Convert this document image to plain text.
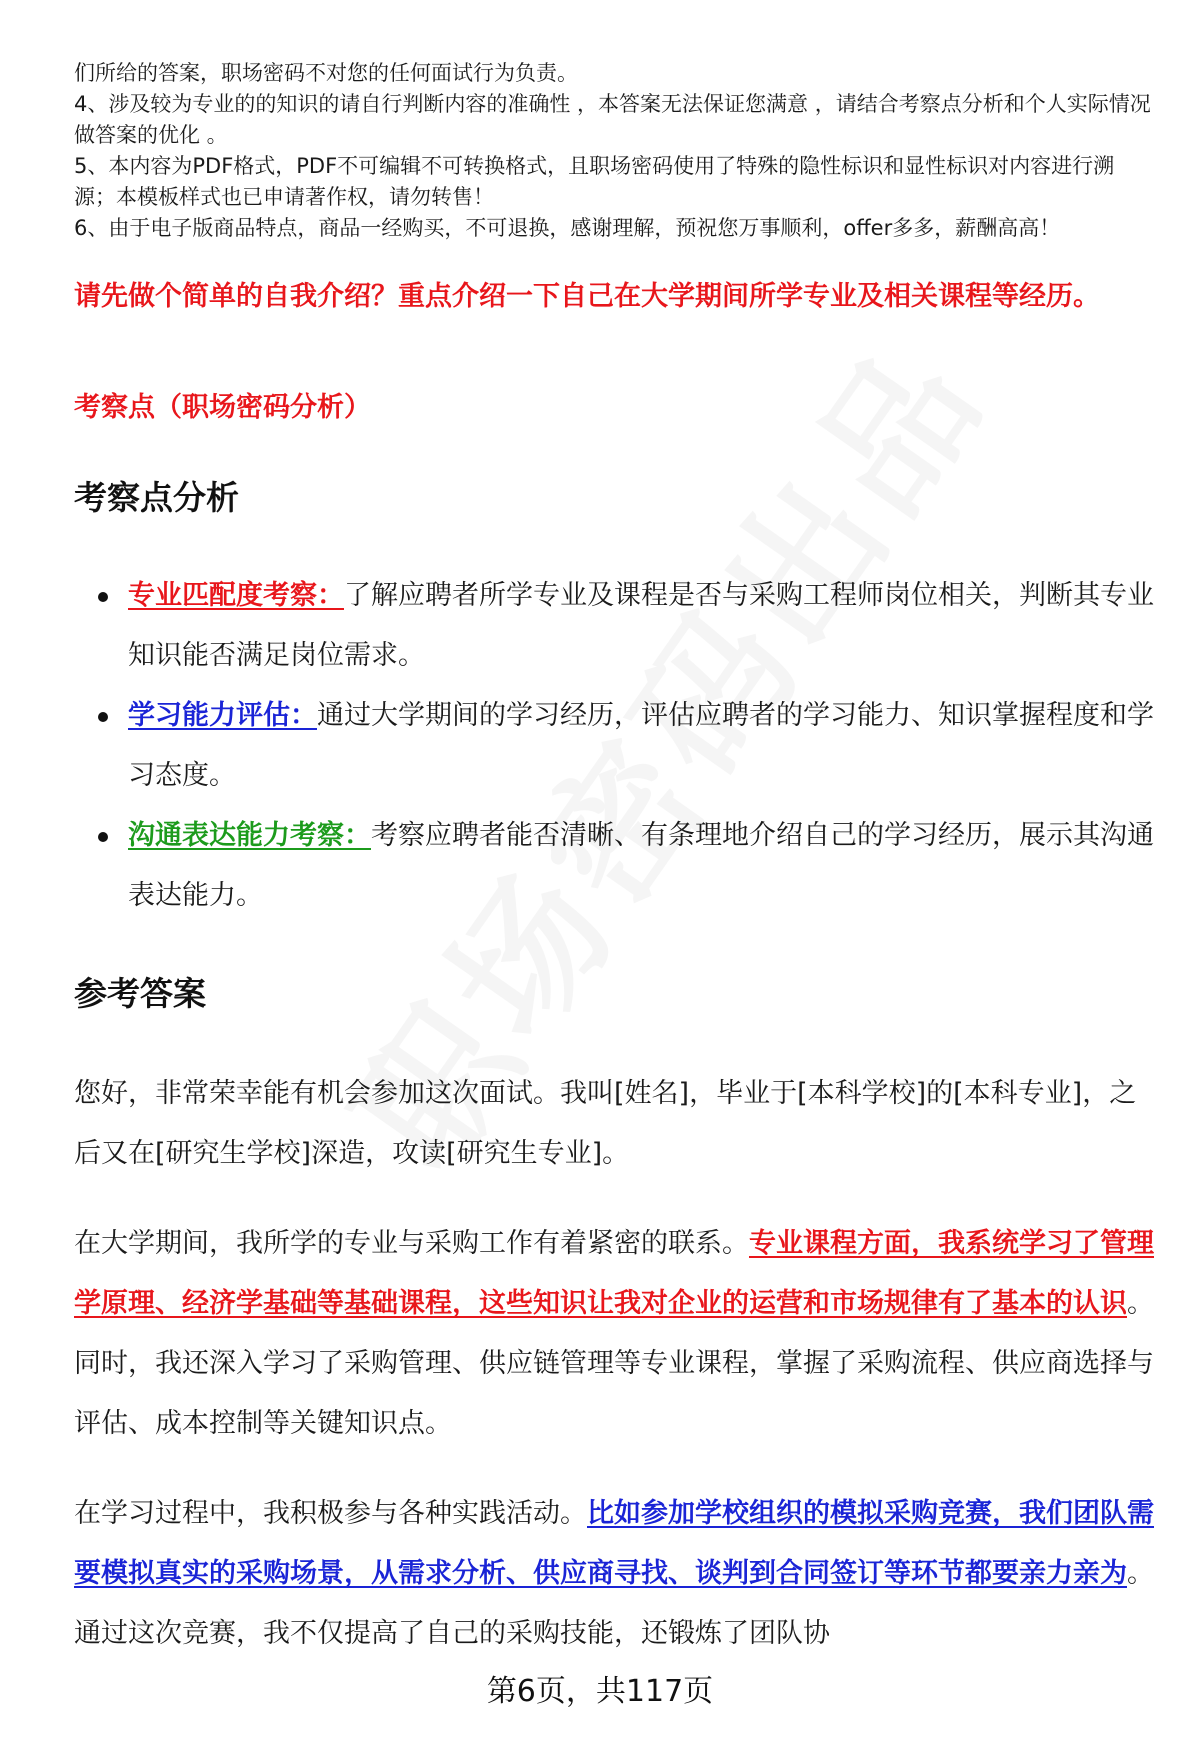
们所给的答案，职场密码不对您的任何面试行为负责。

4、涉及较为专业的的知识的请自行判断内容的准确性 ，本答案无法保证您满意 ，请结合考察点分析和个人实际情况做答案的优化 。

5、本内容为PDF格式，PDF不可编辑不可转换格式，且职场密码使用了特殊的隐性标识和显性标识对内容进行溯源；本模板样式也已申请著作权，请勿转售！

6、由于电子版商品特点，商品一经购买，不可退换，感谢理解，预祝您万事顺利，offer多多，薪酬高高！

请先做个简单的自我介绍？重点介绍一下自己在大学期间所学专业及相关课程等经历。
考察点（职场密码分析）
考察点分析
专业匹配度考察：了解应聘者所学专业及课程是否与采购工程师岗位相关，判断其专业知识能否满足岗位需求。
学习能力评估：通过大学期间的学习经历，评估应聘者的学习能力、知识掌握程度和学习态度。
沟通表达能力考察：考察应聘者能否清晰、有条理地介绍自己的学习经历，展示其沟通表达能力。
参考答案

您好，非常荣幸能有机会参加这次面试。我叫[姓名]，毕业于[本科学校]的[本科专业]，之后又在[研究生学校]深造，攻读[研究生专业]。

在大学期间，我所学的专业与采购工作有着紧密的联系。专业课程方面，我系统学习了管理学原理、经济学基础等基础课程，这些知识让我对企业的运营和市场规律有了基本的认识。同时，我还深入学习了采购管理、供应链管理等专业课程，掌握了采购流程、供应商选择与评估、成本控制等关键知识点。

在学习过程中，我积极参与各种实践活动。比如参加学校组织的模拟采购竞赛，我们团队需要模拟真实的采购场景，从需求分析、供应商寻找、谈判到合同签订等环节都要亲力亲为。通过这次竞赛，我不仅提高了自己的采购技能，还锻炼了团队协

第6页，共117页
